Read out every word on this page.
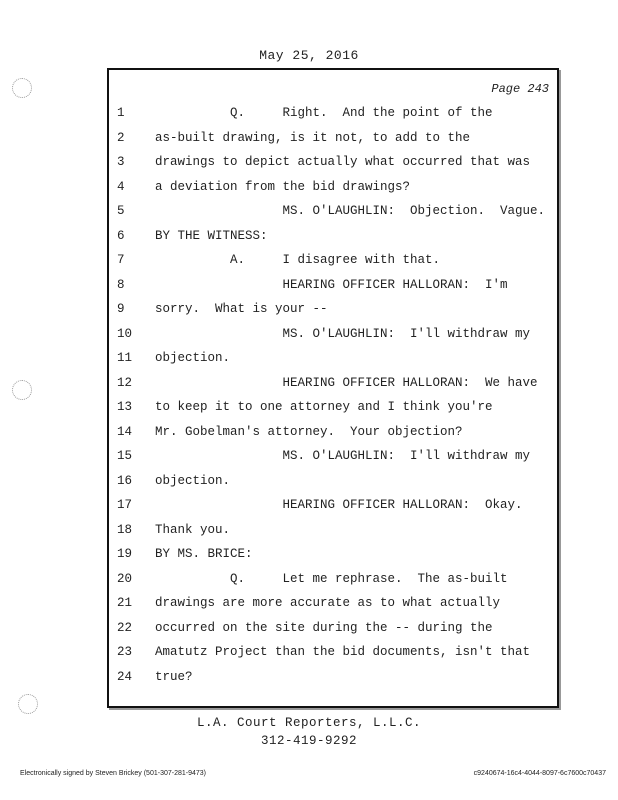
May 25, 2016
Page 243
1	Q.     Right.  And the point of the
2	as-built drawing, is it not, to add to the
3	drawings to depict actually what occurred that was
4	a deviation from the bid drawings?
5	MS. O'LAUGHLIN:  Objection.  Vague.
6	BY THE WITNESS:
7	A.     I disagree with that.
8	HEARING OFFICER HALLORAN:  I'm
9	sorry.  What is your --
10	MS. O'LAUGHLIN:  I'll withdraw my
11	objection.
12	HEARING OFFICER HALLORAN:  We have
13	to keep it to one attorney and I think you're
14	Mr. Gobelman's attorney.  Your objection?
15	MS. O'LAUGHLIN:  I'll withdraw my
16	objection.
17	HEARING OFFICER HALLORAN:  Okay.
18	Thank you.
19	BY MS. BRICE:
20	Q.     Let me rephrase.  The as-built
21	drawings are more accurate as to what actually
22	occurred on the site during the -- during the
23	Amatutz Project than the bid documents, isn't that
24	true?
L.A. Court Reporters, L.L.C.
312-419-9292
Electronically signed by Steven Brickey (501-307-281-9473)	c9240674-16c4-4044-8097-6c7600c70437
